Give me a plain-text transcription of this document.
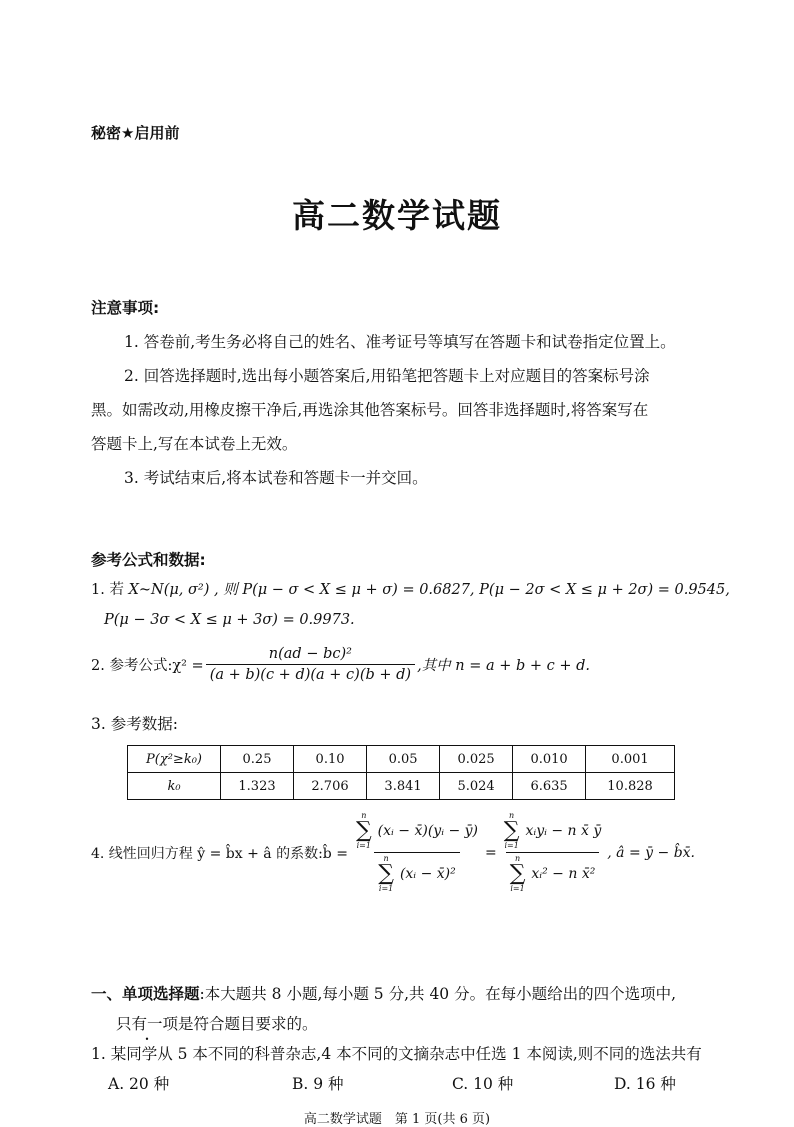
秘密★启用前
高二数学试题
注意事项:
1. 答卷前,考生务必将自己的姓名、准考证号等填写在答题卡和试卷指定位置上。
2. 回答选择题时,选出每小题答案后,用铅笔把答题卡上对应题目的答案标号涂
黑。如需改动,用橡皮擦干净后,再选涂其他答案标号。回答非选择题时,将答案写在
答题卡上,写在本试卷上无效。
3. 考试结束后,将本试卷和答题卡一并交回。
参考公式和数据:
1. 若 X~N(μ, σ²) , 则 P(μ − σ < X ≤ μ + σ) = 0.6827, P(μ − 2σ < X ≤ μ + 2σ) = 0.9545,
P(μ − 3σ < X ≤ μ + 3σ) = 0.9973.
2. 参考公式:χ² = $\frac{\text{n(ad − bc)²}}{(a + b)(c + d)(a + c)(b + d)}$ ,其中 n = a + b + c + d.
3. 参考数据:
P(χ²≥k₀)	0.25	0.10	0.05	0.025	0.010	0.001
k₀	1.323	2.706	3.841	5.024	6.635	10.828
4. 线性回归方程 ŷ = b̂x + â 的系数:b̂ = n
∑
i=1
(xᵢ − x̄)(yᵢ − ȳ)
n
∑
i=1
(xᵢ − x̄)² = n
∑
i=1
xᵢyᵢ − n x̄ ȳ
n
∑
i=1
xᵢ² − n x̄² , â = ȳ − b̂x̄.
一、单项选择题:本大题共 8 小题,每小题 5 分,共 40 分。在每小题给出的四个选项中,
只有一项是符合题目要求的。
1. 某同学从 5 本不同的科普杂志,4 本不同的文摘杂志中任选 1 本阅读,则不同的选法共有
A. 20 种	B. 9 种	C. 10 种	D. 16 种
高二数学试题　第 1 页(共 6 页)
